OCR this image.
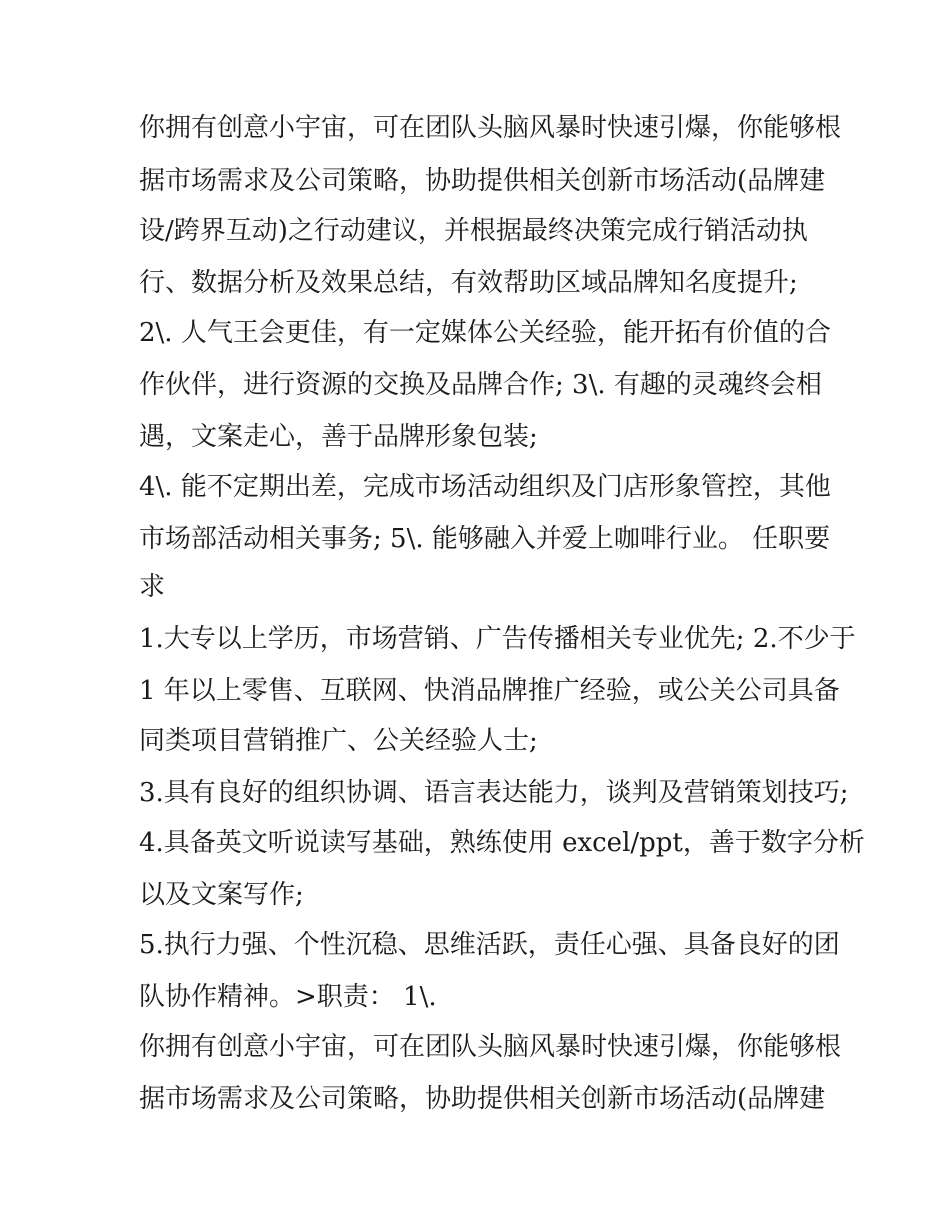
你拥有创意小宇宙，可在团队头脑风暴时快速引爆，你能够根
据市场需求及公司策略，协助提供相关创新市场活动(品牌建
设/跨界互动)之行动建议，并根据最终决策完成行销活动执
行、数据分析及效果总结，有效帮助区域品牌知名度提升;
2\. 人气王会更佳，有一定媒体公关经验，能开拓有价值的合
作伙伴，进行资源的交换及品牌合作; 3\. 有趣的灵魂终会相
遇，文案走心，善于品牌形象包装;
4\. 能不定期出差，完成市场活动组织及门店形象管控，其他
市场部活动相关事务; 5\. 能够融入并爱上咖啡行业。 任职要
求
1.大专以上学历，市场营销、广告传播相关专业优先; 2.不少于
1 年以上零售、互联网、快消品牌推广经验，或公关公司具备
同类项目营销推广、公关经验人士;
3.具有良好的组织协调、语言表达能力，谈判及营销策划技巧;
4.具备英文听说读写基础，熟练使用 excel/ppt，善于数字分析
以及文案写作;
5.执行力强、个性沉稳、思维活跃，责任心强、具备良好的团
队协作精神。>职责： 1\.
你拥有创意小宇宙，可在团队头脑风暴时快速引爆，你能够根
据市场需求及公司策略，协助提供相关创新市场活动(品牌建
